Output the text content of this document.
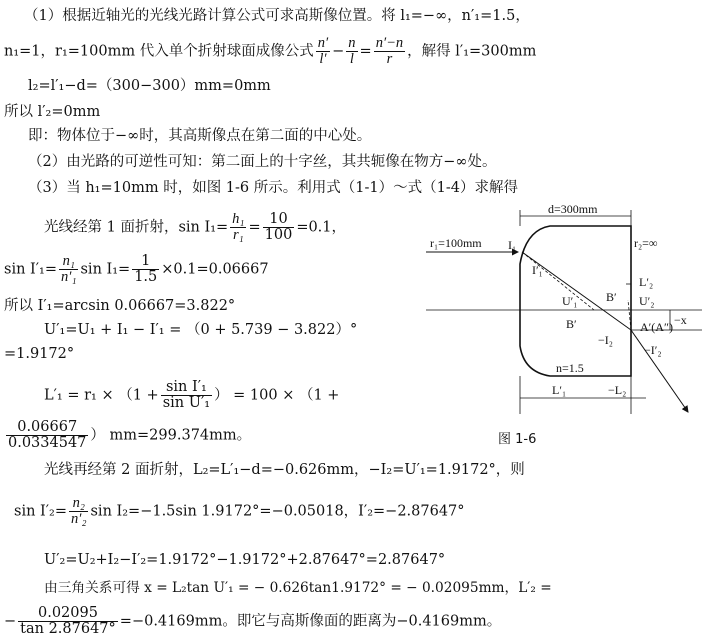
（1）根据近轴光的光线光路计算公式可求高斯像位置。将 l₁=−∞，n′₁=1.5，
n₁=1，r₁=100mm 代入单个折射球面成像公式 $\frac{n'}{l'} - \frac{n}{l} = \frac{n'-n}{r}$ ，解得 l′₁=300mm
l₂=l′₁−d=（300−300）mm=0mm
所以 l′₂=0mm
即：物体位于−∞时，其高斯像点在第二面的中心处。
（2）由光路的可逆性可知：第二面上的十字丝，其共轭像在物方−∞处。
（3）当 h₁=10mm 时，如图 1-6 所示。利用式（1-1）～式（1-4）求解得
光线经第 1 面折射，$\sin I_1= \frac{\text{h₁}}{\text{r₁}} = \frac{10}{100} =0.1$，
$\sin I'_1= \frac{\text{n₁}}{\text{n′₁}}$ $\sin I_1= \frac{1}{1.5} \times 0.1=0.06667$
所以 I′₁=arcsin 0.06667=3.822°
U′₁=U₁ + I₁ − I′₁ = （0 + 5.739 − 3.822）°
=1.9172°
$L'_1 = r_1 \times (1 + \frac{\text{sin I′₁}}{\text{sin U′₁}}$ ） = 100 × （1 +
$\frac{0.06667}{0.0334547}$ ） mm=299.374mm。
光线再经第 2 面折射，L₂=L′₁−d=−0.626mm，−I₂=U′₁=1.9172°，则
$\sin I'_2= \frac{\text{n₂}}{\text{n′₂}}$ sin I₂=−1.5sin 1.9172°=−0.05018，I′₂=−2.87647°
U′₂=U₂+I₂−I′₂=1.9172°−1.9172°+2.87647°=2.87647°
由三角关系可得 x = L₂tan U′₁ = − 0.626tan1.9172° = − 0.02095mm，L′₂ =
− $\frac{0.02095}{\tan 2.87647^\circ} =-0.4169mm$。即它与高斯像面的距离为−0.4169mm。
d=300mm
r₁=100mm	r₂=∞
I₁
I′₁
U′₁ B′ U′₂
L′₂
−x
B′
−I₂
A′(A″)
−I′₂
n=1.5
L′₁	−L₂
图 1-6
